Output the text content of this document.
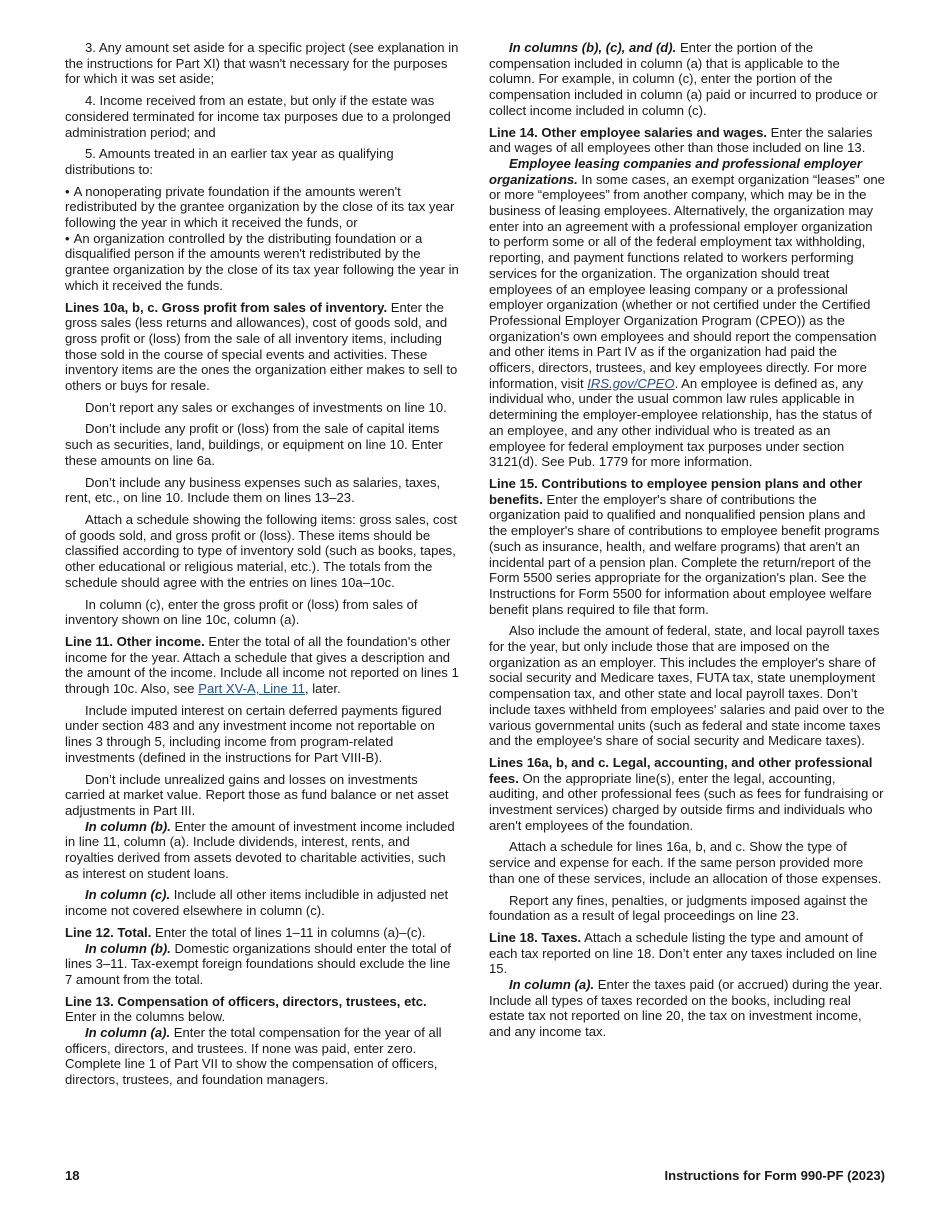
3. Any amount set aside for a specific project (see explanation in the instructions for Part XI) that wasn't necessary for the purposes for which it was set aside;

4. Income received from an estate, but only if the estate was considered terminated for income tax purposes due to a prolonged administration period; and

5. Amounts treated in an earlier tax year as qualifying distributions to:

• A nonoperating private foundation if the amounts weren't redistributed by the grantee organization by the close of its tax year following the year in which it received the funds, or

• An organization controlled by the distributing foundation or a disqualified person if the amounts weren't redistributed by the grantee organization by the close of its tax year following the year in which it received the funds.

Lines 10a, b, c. Gross profit from sales of inventory. Enter the gross sales (less returns and allowances), cost of goods sold, and gross profit or (loss) from the sale of all inventory items, including those sold in the course of special events and activities. These inventory items are the ones the organization either makes to sell to others or buys for resale.

Don’t report any sales or exchanges of investments on line 10.

Don’t include any profit or (loss) from the sale of capital items such as securities, land, buildings, or equipment on line 10. Enter these amounts on line 6a.

Don’t include any business expenses such as salaries, taxes, rent, etc., on line 10. Include them on lines 13–23.

Attach a schedule showing the following items: gross sales, cost of goods sold, and gross profit or (loss). These items should be classified according to type of inventory sold (such as books, tapes, other educational or religious material, etc.). The totals from the schedule should agree with the entries on lines 10a–10c.

In column (c), enter the gross profit or (loss) from sales of inventory shown on line 10c, column (a).

Line 11. Other income. Enter the total of all the foundation's other income for the year. Attach a schedule that gives a description and the amount of the income. Include all income not reported on lines 1 through 10c. Also, see Part XV-A, Line 11, later.

Include imputed interest on certain deferred payments figured under section 483 and any investment income not reportable on lines 3 through 5, including income from program-related investments (defined in the instructions for Part VIII-B).

Don’t include unrealized gains and losses on investments carried at market value. Report those as fund balance or net asset adjustments in Part III.

In column (b). Enter the amount of investment income included in line 11, column (a). Include dividends, interest, rents, and royalties derived from assets devoted to charitable activities, such as interest on student loans.

In column (c). Include all other items includible in adjusted net income not covered elsewhere in column (c).

Line 12. Total. Enter the total of lines 1–11 in columns (a)–(c).

In column (b). Domestic organizations should enter the total of lines 3–11. Tax-exempt foreign foundations should exclude the line 7 amount from the total.

Line 13. Compensation of officers, directors, trustees, etc.
Enter in the columns below.

In column (a). Enter the total compensation for the year of all officers, directors, and trustees. If none was paid, enter zero. Complete line 1 of Part VII to show the compensation of officers, directors, trustees, and foundation managers.

In columns (b), (c), and (d). Enter the portion of the compensation included in column (a) that is applicable to the column. For example, in column (c), enter the portion of the compensation included in column (a) paid or incurred to produce or collect income included in column (c).

Line 14. Other employee salaries and wages. Enter the salaries and wages of all employees other than those included on line 13.

Employee leasing companies and professional employer organizations. In some cases, an exempt organization “leases” one or more “employees” from another company, which may be in the business of leasing employees. Alternatively, the organization may enter into an agreement with a professional employer organization to perform some or all of the federal employment tax withholding, reporting, and payment functions related to workers performing services for the organization. The organization should treat employees of an employee leasing company or a professional employer organization (whether or not certified under the Certified Professional Employer Organization Program (CPEO)) as the organization's own employees and should report the compensation and other items in Part IV as if the organization had paid the officers, directors, trustees, and key employees directly. For more information, visit IRS.gov/CPEO. An employee is defined as, any individual who, under the usual common law rules applicable in determining the employer-employee relationship, has the status of an employee, and any other individual who is treated as an employee for federal employment tax purposes under section 3121(d). See Pub. 1779 for more information.

Line 15. Contributions to employee pension plans and other benefits. Enter the employer's share of contributions the organization paid to qualified and nonqualified pension plans and the employer's share of contributions to employee benefit programs (such as insurance, health, and welfare programs) that aren't an incidental part of a pension plan. Complete the return/report of the Form 5500 series appropriate for the organization's plan. See the Instructions for Form 5500 for information about employee welfare benefit plans required to file that form.

Also include the amount of federal, state, and local payroll taxes for the year, but only include those that are imposed on the organization as an employer. This includes the employer's share of social security and Medicare taxes, FUTA tax, state unemployment compensation tax, and other state and local payroll taxes. Don’t include taxes withheld from employees' salaries and paid over to the various governmental units (such as federal and state income taxes and the employee's share of social security and Medicare taxes).

Lines 16a, b, and c. Legal, accounting, and other professional fees. On the appropriate line(s), enter the legal, accounting, auditing, and other professional fees (such as fees for fundraising or investment services) charged by outside firms and individuals who aren't employees of the foundation.

Attach a schedule for lines 16a, b, and c. Show the type of service and expense for each. If the same person provided more than one of these services, include an allocation of those expenses.

Report any fines, penalties, or judgments imposed against the foundation as a result of legal proceedings on line 23.

Line 18. Taxes. Attach a schedule listing the type and amount of each tax reported on line 18. Don’t enter any taxes included on line 15.

In column (a). Enter the taxes paid (or accrued) during the year. Include all types of taxes recorded on the books, including real estate tax not reported on line 20, the tax on investment income, and any income tax.

18	Instructions for Form 990-PF (2023)
